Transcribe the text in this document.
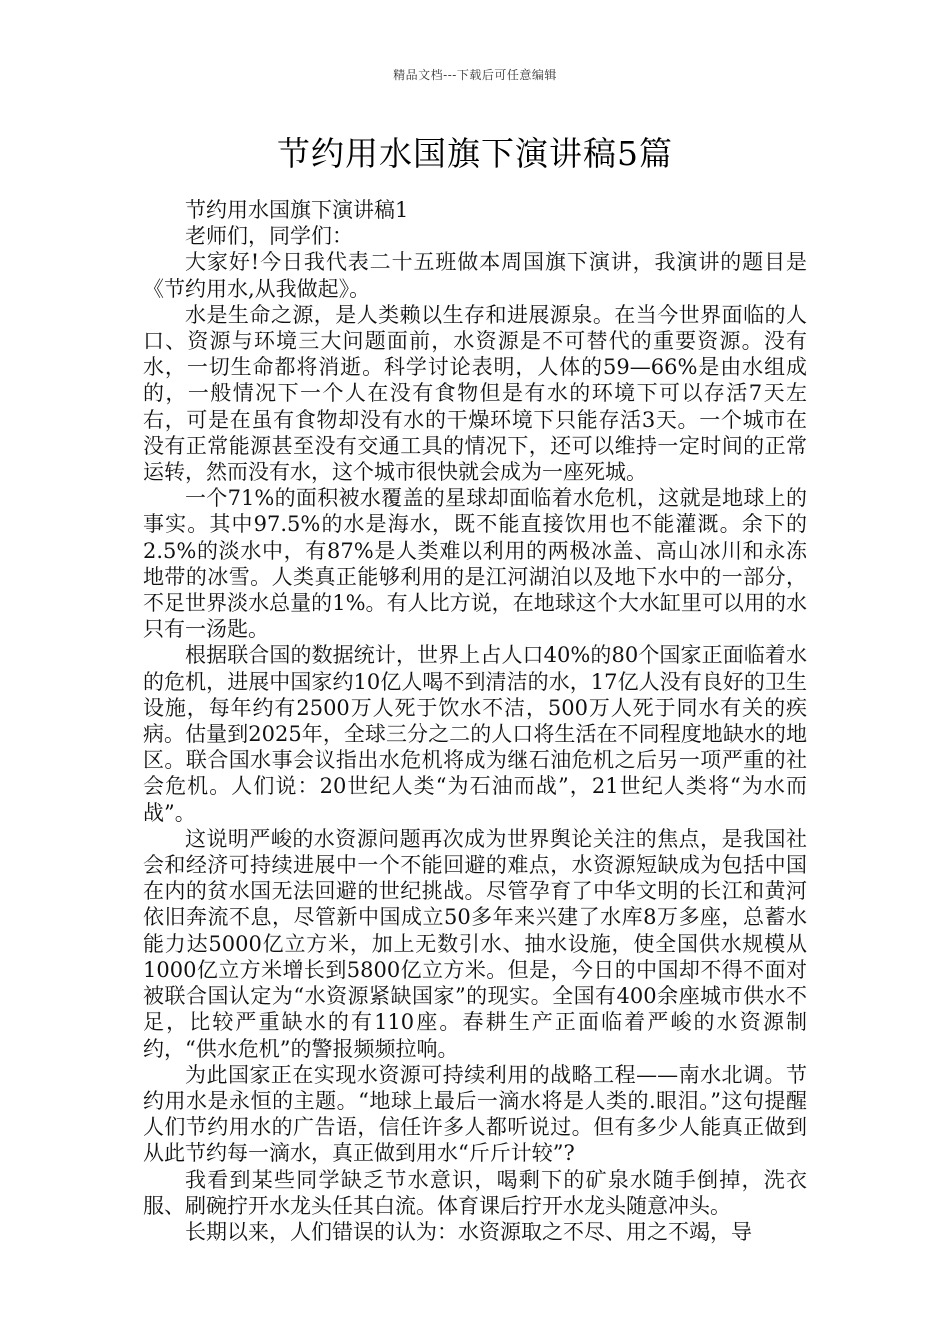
精品文档---下载后可任意编辑
节约用水国旗下演讲稿5篇

节约用水国旗下演讲稿1

老师们，同学们：

大家好!今日我代表二十五班做本周国旗下演讲，我演讲的题目是《节约用水,从我做起》。

水是生命之源，是人类赖以生存和进展源泉。在当今世界面临的人口、资源与环境三大问题面前，水资源是不可替代的重要资源。没有水，一切生命都将消逝。科学讨论表明，人体的59—66%是由水组成的，一般情况下一个人在没有食物但是有水的环境下可以存活7天左右，可是在虽有食物却没有水的干燥环境下只能存活3天。一个城市在没有正常能源甚至没有交通工具的情况下，还可以维持一定时间的正常运转，然而没有水，这个城市很快就会成为一座死城。

一个71%的面积被水覆盖的星球却面临着水危机，这就是地球上的事实。其中97.5%的水是海水，既不能直接饮用也不能灌溉。余下的2.5%的淡水中，有87%是人类难以利用的两极冰盖、高山冰川和永冻地带的冰雪。人类真正能够利用的是江河湖泊以及地下水中的一部分，不足世界淡水总量的1%。有人比方说，在地球这个大水缸里可以用的水只有一汤匙。

根据联合国的数据统计，世界上占人口40%的80个国家正面临着水的危机，进展中国家约10亿人喝不到清洁的水，17亿人没有良好的卫生设施，每年约有2500万人死于饮水不洁，500万人死于同水有关的疾病。估量到2025年，全球三分之二的人口将生活在不同程度地缺水的地区。联合国水事会议指出水危机将成为继石油危机之后另一项严重的社会危机。人们说：20世纪人类“为石油而战”，21世纪人类将“为水而战”。

这说明严峻的水资源问题再次成为世界舆论关注的焦点，是我国社会和经济可持续进展中一个不能回避的难点，水资源短缺成为包括中国在内的贫水国无法回避的世纪挑战。尽管孕育了中华文明的长江和黄河依旧奔流不息，尽管新中国成立50多年来兴建了水库8万多座，总蓄水能力达5000亿立方米，加上无数引水、抽水设施，使全国供水规模从1000亿立方米增长到5800亿立方米。但是，今日的中国却不得不面对被联合国认定为“水资源紧缺国家”的现实。全国有400余座城市供水不足，比较严重缺水的有110座。春耕生产正面临着严峻的水资源制约，“供水危机”的警报频频拉响。

为此国家正在实现水资源可持续利用的战略工程——南水北调。节约用水是永恒的主题。“地球上最后一滴水将是人类的.眼泪。”这句提醒人们节约用水的广告语，信任许多人都听说过。但有多少人能真正做到从此节约每一滴水，真正做到用水“斤斤计较”?

我看到某些同学缺乏节水意识，喝剩下的矿泉水随手倒掉，洗衣服、刷碗拧开水龙头任其白流。体育课后拧开水龙头随意冲头。

长期以来，人们错误的认为：水资源取之不尽、用之不竭，导
